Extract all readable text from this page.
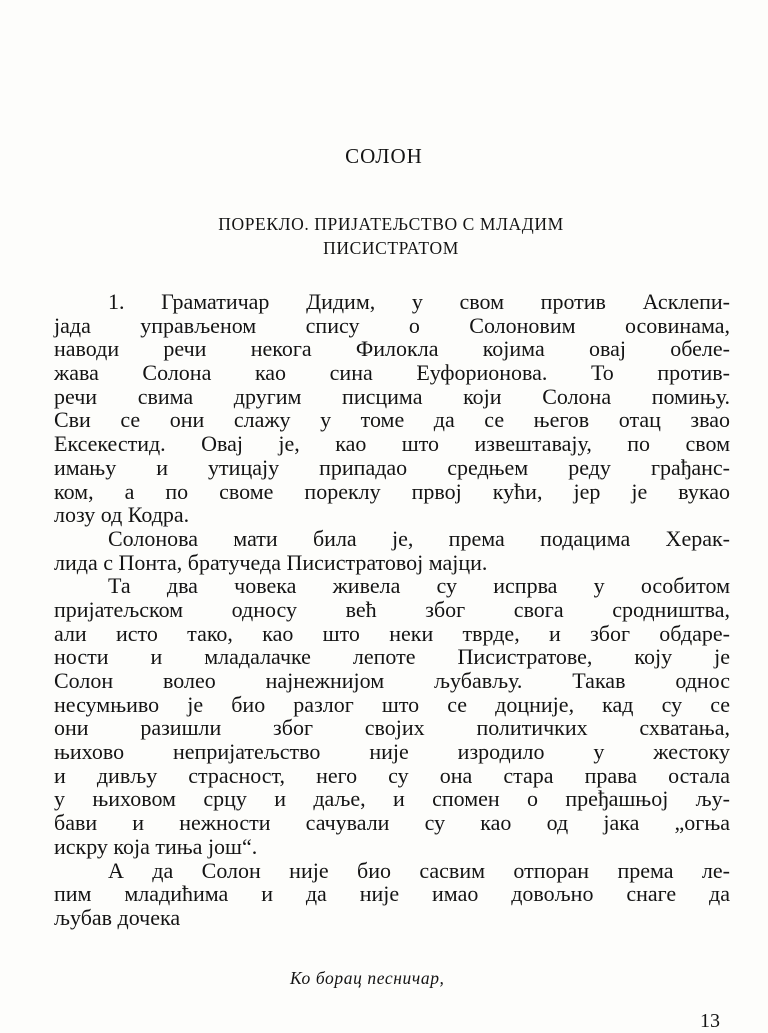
СОЛОН
ПОРЕКЛО. ПРИЈАТЕЉСТВО С МЛАДИМ
ПИСИСТРАТОМ
1. Граматичар Дидим, у свом против Асклепи-
јада управљеном спису о Солоновим осовинама,
наводи речи некога Филокла којима овај обеле-
жава Солона као сина Еуфорионова. То против-
речи свима другим писцима који Солона помињу.
Сви се они слажу у томе да се његов отац звао
Ексекестид. Овај је, као што извештавају, по свом
имању и утицају припадао средњем реду грађанс-
ком, а по своме пореклу првој кући, јер је вукао
лозу од Кодра.
Солонова мати била је, према подацима Херак-
лида с Понта, братучеда Писистратовој мајци.
Та два човека живела су испрва у особитом
пријатељском односу већ због свога сродништва,
али исто тако, као што неки тврде, и због обдаре-
ности и младалачке лепоте Писистратове, коју је
Солон волео најнежнијом љубављу. Такав однос
несумњиво је био разлог што се доцније, кад су се
они разишли због својих политичких схватања,
њихово непријатељство није изродило у жестоку
и дивљу страсност, него су она стара права остала
у њиховом срцу и даље, и спомен о пређашњој љу-
бави и нежности сачували су као од јака „огња
искру која тиња још“.
А да Солон није био сасвим отпоран према ле-
пим младићима и да није имао довољно снаге да
љубав дочека
Ко борац песничар,
13
